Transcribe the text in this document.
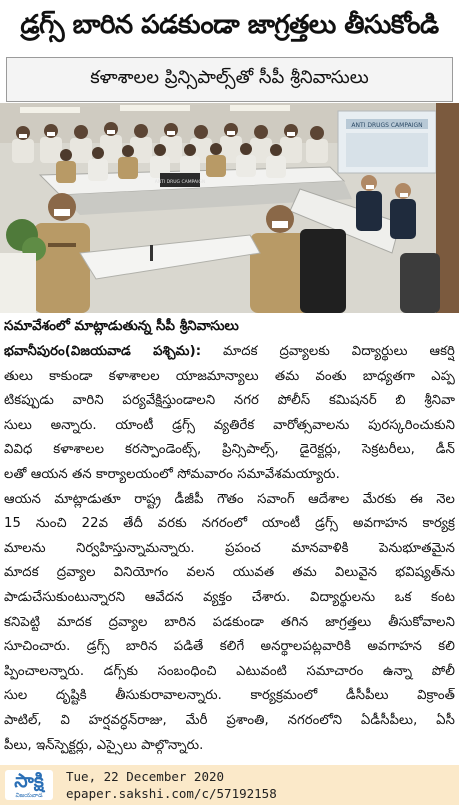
డ్రగ్స్ బారిన పడకుండా జాగ్రత్తలు తీసుకోండి
కళాశాలల ప్రిన్సిపాల్స్‌తో సీపీ శ్రీనివాసులు
ANTI DRUGS CAMPAIGN
ANTI DRUG CAMPAIGN
సమావేశంలో మాట్లాడుతున్న సీపీ శ్రీనివాసులు
భవానీపురం(విజయవాడ పశ్చిమ): మాదక ద్రవ్యాలకు విద్యార్థులు ఆకర్షి
తులు కాకుండా కళాశాలల యాజమాన్యాలు తమ వంతు బాధ్యతగా ఎప్ప
టికప్పుడు వారిని పర్యవేక్షిస్తుండాలని నగర పోలీస్ కమిషనర్ బి శ్రీనివా
సులు అన్నారు. యాంటీ డ్రగ్స్ వ్యతిరేక వారోత్సవాలను పురస్కరించుకుని
వివిధ కళాశాలల కరస్పాండెంట్స్, ప్రిన్సిపాల్స్, డైరెక్టర్లు, సెక్రటరీలు, డీన్
లతో ఆయన తన కార్యాలయంలో సోమవారం సమావేశమయ్యారు.
ఆయన మాట్లాడుతూ రాష్ట్ర డీజీపీ గౌతం సవాంగ్ ఆదేశాల మేరకు ఈ నెల
15 నుంచి 22వ తేదీ వరకు నగరంలో యాంటీ డ్రగ్స్ అవగాహన కార్యక్ర
మాలను నిర్వహిస్తున్నామన్నారు. ప్రపంచ మానవాళికి పెనుభూతమైన
మాదక ద్రవ్యాల వినియోగం వలన యువత తమ విలువైన భవిష్యత్‌ను
పాడుచేసుకుంటున్నారని ఆవేదన వ్యక్తం చేశారు. విద్యార్థులను ఒక కంట
కనిపెట్టి మాదక ద్రవ్యాల బారిన పడకుండా తగిన జాగ్రత్తలు తీసుకోవాలని
సూచించారు. డ్రగ్స్ బారిన పడితే కలిగే అనర్థాలపట్లవారికి అవగాహన కలి
ప్పించాలన్నారు. డగ్స్‌కు సంబంధించి ఎటువంటి సమాచారం ఉన్నా పోలీ
సుల దృష్టికి తీసుకురావాలన్నారు. కార్యక్రమంలో డీసీపీలు విక్రాంత్
పాటిల్, వి హర్షవర్ధన్‌రాజు, మేరీ ప్రశాంతి, నగరంలోని ఏడీసీపీలు, ఏసీ
పీలు, ఇన్‌స్పెక్టర్లు, ఎస్సైలు పాల్గొన్నారు.
సాక్షి
విజయవాడ
Tue, 22 December 2020
epaper.sakshi.com/c/57192158
